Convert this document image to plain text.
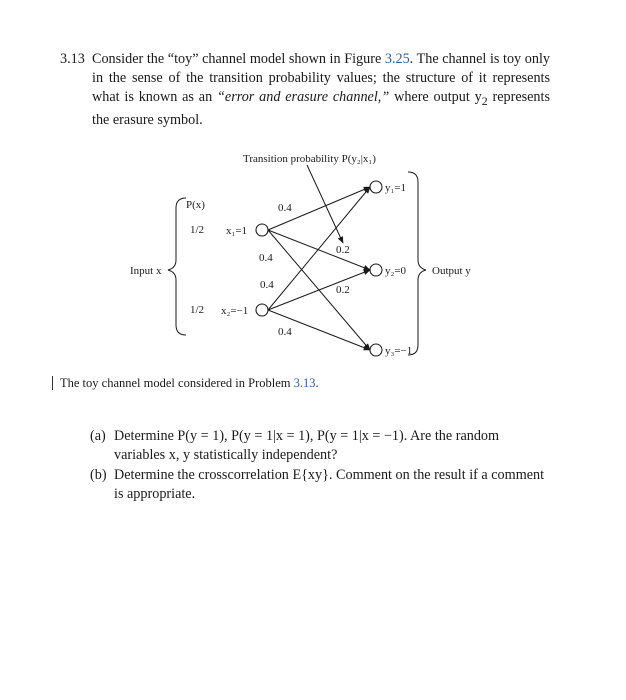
3.13 Consider the “toy” channel model shown in Figure 3.25. The channel is toy only in the sense of the transition probability values; the structure of it represents what is known as an “error and erasure channel,” where output $y_2$ represents the erasure symbol.
Transition probability P(y₂|x₁)
P(x)
1/2
1/2
x₁=1
x₂=−1
y₁=1
y₂=0
y₃=−1
Input x	Output y
0.4
0.2
0.4
0.4	0.2
0.4
The toy channel model considered in Problem 3.13.
(a) Determine P(y = 1), P(y = 1|x = 1), P(y = 1|x = −1). Are the random variables x, y statistically independent?
(b) Determine the crosscorrelation E{xy}. Comment on the result if a comment is appropriate.
